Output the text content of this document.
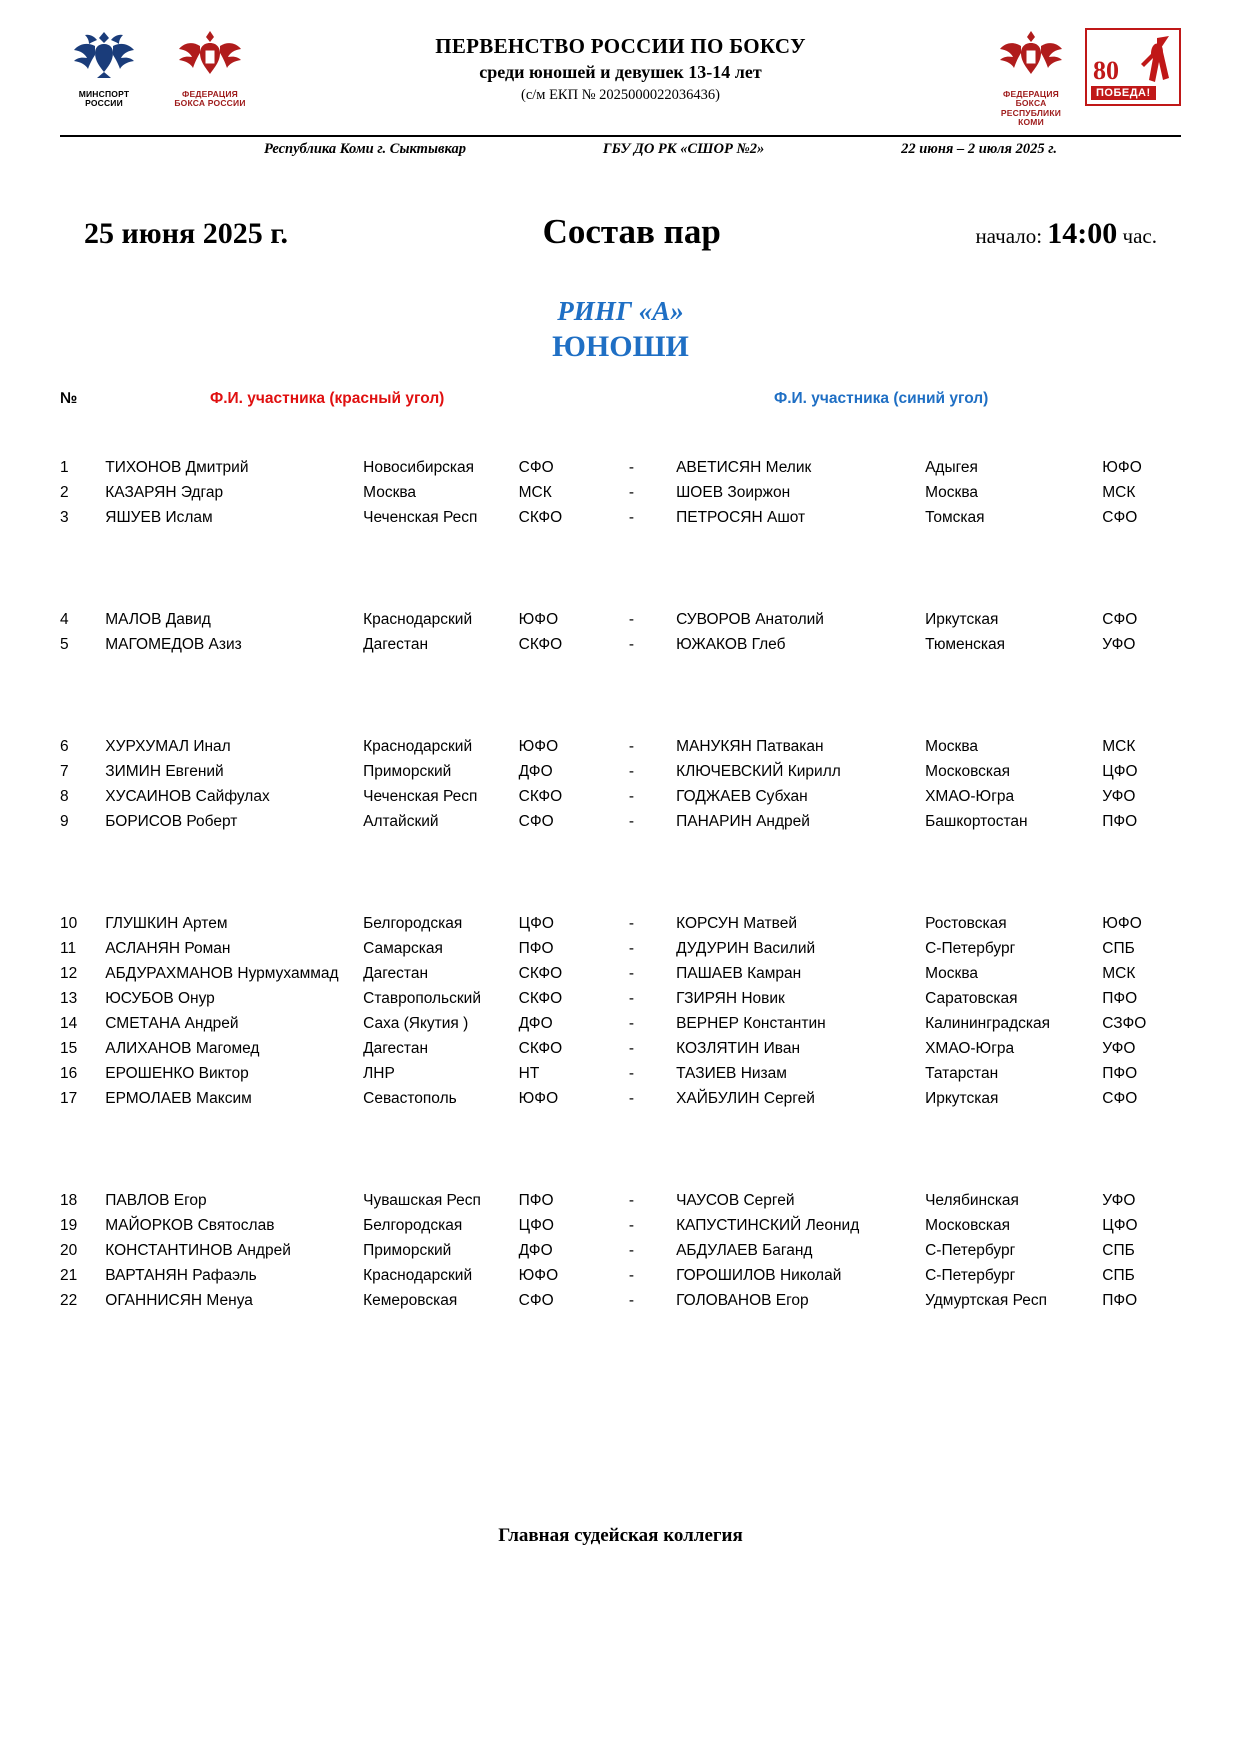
МИНСПОРТ
РОССИИ
ФЕДЕРАЦИЯ
БОКСА РОССИИ
ПЕРВЕНСТВО РОССИИ ПО БОКСУ
среди юношей и девушек 13-14 лет
(с/м ЕКП № 2025000022036436)	ФЕДЕРАЦИЯ БОКСА
РЕСПУБЛИКИ КОМИ
80
ПОБЕДА!
Республика Коми г. Сыктывкар	ГБУ ДО РК «СШОР №2»	22 июня – 2 июля 2025 г.
25 июня 2025 г.	Состав пар	начало: 14:00 час.
РИНГ «А»
ЮНОШИ
№	Ф.И. участника (красный угол)	Ф.И. участника (синий угол)

1	ТИХОНОВ Дмитрий	Новосибирская	СФО	-	АВЕТИСЯН Мелик	Адыгея	ЮФО
2	КАЗАРЯН Эдгар	Москва	МСК	-	ШОЕВ Зоиржон	Москва	МСК
3	ЯШУЕВ Ислам	Чеченская Респ	СКФО	-	ПЕТРОСЯН Ашот	Томская	СФО

4	МАЛОВ Давид	Краснодарский	ЮФО	-	СУВОРОВ Анатолий	Иркутская	СФО
5	МАГОМЕДОВ Азиз	Дагестан	СКФО	-	ЮЖАКОВ Глеб	Тюменская	УФО

6	ХУРХУМАЛ Инал	Краснодарский	ЮФО	-	МАНУКЯН Патвакан	Москва	МСК
7	ЗИМИН Евгений	Приморский	ДФО	-	КЛЮЧЕВСКИЙ Кирилл	Московская	ЦФО
8	ХУСАИНОВ Сайфулах	Чеченская Респ	СКФО	-	ГОДЖАЕВ Субхан	ХМАО-Югра	УФО
9	БОРИСОВ Роберт	Алтайский	СФО	-	ПАНАРИН Андрей	Башкортостан	ПФО

10	ГЛУШКИН Артем	Белгородская	ЦФО	-	КОРСУН Матвей	Ростовская	ЮФО
11	АСЛАНЯН Роман	Самарская	ПФО	-	ДУДУРИН Василий	С-Петербург	СПБ
12	АБДУРАХМАНОВ Нурмухаммад	Дагестан	СКФО	-	ПАШАЕВ Камран	Москва	МСК
13	ЮСУБОВ Онур	Ставропольский	СКФО	-	ГЗИРЯН Новик	Саратовская	ПФО
14	СМЕТАНА Андрей	Саха (Якутия )	ДФО	-	ВЕРНЕР Константин	Калининградская	СЗФО
15	АЛИХАНОВ Магомед	Дагестан	СКФО	-	КОЗЛЯТИН Иван	ХМАО-Югра	УФО
16	ЕРОШЕНКО Виктор	ЛНР	НТ	-	ТАЗИЕВ Низам	Татарстан	ПФО
17	ЕРМОЛАЕВ Максим	Севастополь	ЮФО	-	ХАЙБУЛИН Сергей	Иркутская	СФО

18	ПАВЛОВ Егор	Чувашская Респ	ПФО	-	ЧАУСОВ Сергей	Челябинская	УФО
19	МАЙОРКОВ Святослав	Белгородская	ЦФО	-	КАПУСТИНСКИЙ Леонид	Московская	ЦФО
20	КОНСТАНТИНОВ Андрей	Приморский	ДФО	-	АБДУЛАЕВ Баганд	С-Петербург	СПБ
21	ВАРТАНЯН Рафаэль	Краснодарский	ЮФО	-	ГОРОШИЛОВ Николай	С-Петербург	СПБ
22	ОГАННИСЯН Менуа	Кемеровская	СФО	-	ГОЛОВАНОВ Егор	Удмуртская Респ	ПФО
Главная судейская коллегия
